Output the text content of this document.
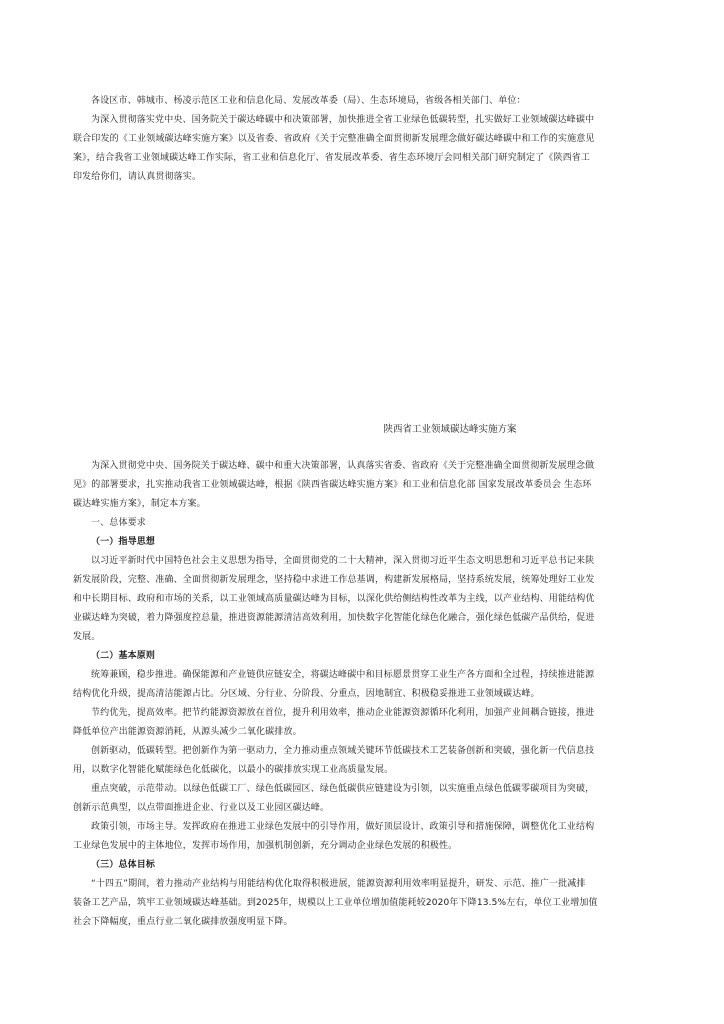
各设区市、韩城市、杨凌示范区工业和信息化局、发展改革委（局）、生态环境局，省级各相关部门、单位：
为深入贯彻落实党中央、国务院关于碳达峰碳中和决策部署，加快推进全省工业绿色低碳转型，扎实做好工业领域碳达峰碳中
联合印发的《工业领域碳达峰实施方案》以及省委、省政府《关于完整准确全面贯彻新发展理念做好碳达峰碳中和工作的实施意见
案》，结合我省工业领域碳达峰工作实际，省工业和信息化厅、省发展改革委、省生态环境厅会同相关部门研究制定了《陕西省工
印发给你们，请认真贯彻落实。
陕西省工业领域碳达峰实施方案
为深入贯彻党中央、国务院关于碳达峰、碳中和重大决策部署，认真落实省委、省政府《关于完整准确全面贯彻新发展理念做
见》的部署要求，扎实推动我省工业领域碳达峰，根据《陕西省碳达峰实施方案》和工业和信息化部 国家发展改革委员会 生态环
碳达峰实施方案》，制定本方案。
一、总体要求
（一）指导思想
以习近平新时代中国特色社会主义思想为指导，全面贯彻党的二十大精神，深入贯彻习近平生态文明思想和习近平总书记来陕
新发展阶段，完整、准确、全面贯彻新发展理念，坚持稳中求进工作总基调，构建新发展格局，坚持系统发展，统筹处理好工业发
和中长期目标、政府和市场的关系，以工业领域高质量碳达峰为目标，以深化供给侧结构性改革为主线，以产业结构、用能结构优
业碳达峰为突破，着力降强度控总量，推进资源能源清洁高效利用，加快数字化智能化绿色化融合，强化绿色低碳产品供给，促进
发展。
（二）基本原则
统筹兼顾，稳步推进。确保能源和产业链供应链安全，将碳达峰碳中和目标愿景贯穿工业生产各方面和全过程，持续推进能源
结构优化升级，提高清洁能源占比。分区域、分行业、分阶段、分重点，因地制宜、积极稳妥推进工业领域碳达峰。
节约优先，提高效率。把节约能源资源放在首位，提升利用效率，推动企业能源资源循环化利用，加强产业间耦合链接，推进
降低单位产出能源资源消耗，从源头减少二氧化碳排放。
创新驱动，低碳转型。把创新作为第一驱动力，全力推动重点领域关键环节低碳技术工艺装备创新和突破，强化新一代信息技
用，以数字化智能化赋能绿色化低碳化，以最小的碳排放实现工业高质量发展。
重点突破，示范带动。以绿色低碳工厂、绿色低碳园区、绿色低碳供应链建设为引领，以实施重点绿色低碳零碳项目为突破，
创新示范典型，以点带面推进企业、行业以及工业园区碳达峰。
政策引领，市场主导。发挥政府在推进工业绿色发展中的引导作用，做好顶层设计、政策引导和措施保障，调整优化工业结构
工业绿色发展中的主体地位，发挥市场作用，加强机制创新，充分调动企业绿色发展的积极性。
（三）总体目标
“十四五”期间，着力推动产业结构与用能结构优化取得积极进展，能源资源利用效率明显提升，研发、示范、推广一批减排
装备工艺产品，筑牢工业领域碳达峰基础。到2025年，规模以上工业单位增加值能耗较2020年下降13.5%左右，单位工业增加值
社会下降幅度，重点行业二氧化碳排放强度明显下降。
